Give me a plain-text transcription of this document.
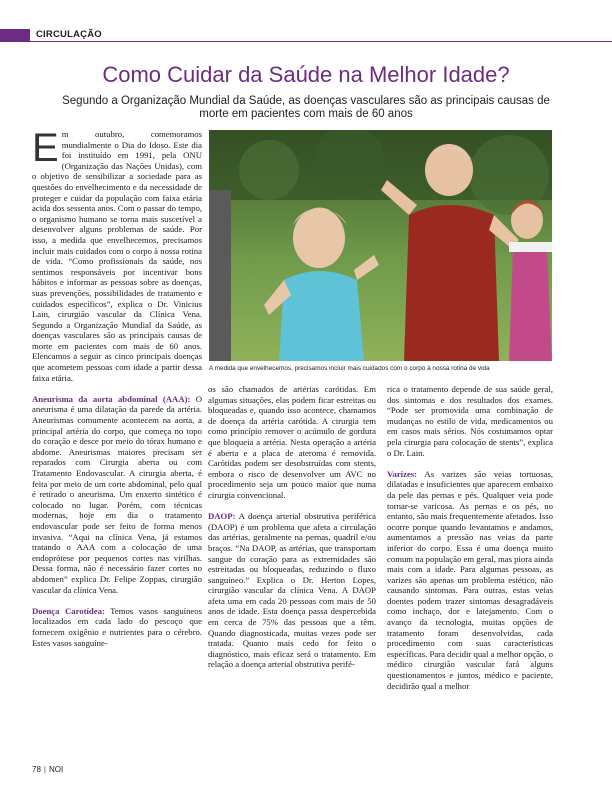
CIRCULAÇÃO
Como Cuidar da Saúde na Melhor Idade?
Segundo a Organização Mundial da Saúde, as doenças vasculares são as principais causas de morte em pacientes com mais de 60 anos

Em outubro, comemoramos mundialmente o Dia do Idoso. Este dia foi instituído em 1991, pela ONU (Organização das Nações Unidas), com o objetivo de sensibilizar a sociedade para as questões do envelhecimento e da necessidade de proteger e cuidar da população com faixa etária acida dos sessenta anos. Com o passar do tempo, o organismo humano se torna mais suscetível a desenvolver alguns problemas de saúde. Por isso, a medida que envelhecemos, precisamos incluir mais cuidados com o corpo à nossa rotina de vida. “Como profissionais da saúde, nos sentimos responsáveis por incentivar bons hábitos e informar as pessoas sobre as doenças, suas prevenções, possibilidades de tratamento e cuidados específicos”, explica o Dr. Vinicius Lain, cirurgião vascular da Clínica Vena. Segundo a Organização Mundial da Saúde, as doenças vasculares são as principais causas de morte em pacientes com mais de 60 anos. Elencamos a seguir as cinco principais doenças que acometem pessoas com idade a partir dessa faixa etária.

Aneurisma da aorta abdominal (AAA): O aneurisma é uma dilatação da parede da artéria. Aneurismas comumente acontecem na aorta, a principal artéria do corpo, que começa no topo do coração e desce por meio do tórax humano e abdome. Aneurismas maiores precisam ser reparados com Cirurgia aberta ou com Tratamento Endovascular. A cirurgia aberta, é feita por meio de um corte abdominal, pelo qual é retirado o aneurisma. Um enxerto sintético é colocado no lugar. Porém, com técnicas modernas, hoje em dia o tratamento endovascular pode ser feito de forma menos invasiva. “Aqui na clínica Vena, já estamos tratando o AAA com a colocação de uma endoprótese por pequenos cortes nas virilhas. Dessa forma, não é necessário fazer cortes no abdomen” explica Dr. Felipe Zoppas, cirurgião vascular da clínica Vena.

Doença Carotídea: Temos vasos sanguíneos localizados em cada lado do pescoço que fornecem oxigênio e nutrientes para o cérebro. Estes vasos sanguíne-

A medida que envelhecemos, precisamos incluir mais cuidados com o corpo à nossa rotina de vida

os são chamados de artérias carótidas. Em algumas situações, elas podem ficar estreitas ou bloqueadas e, quando isso acontece, chamamos de doença da artéria carótida. A cirurgia tem como princípio remover o acúmulo de gordura que bloqueia a artéria. Nesta operação a artéria é aberta e a placa de ateroma é removida. Carótidas podem ser desobstruídas com stents, embora o risco de desenvolver um AVC no procedimento seja um pouco maior que numa cirurgia convencional.

DAOP: A doença arterial obstrutiva periférica (DAOP) é um problema que afeta a circulação das artérias, geralmente na pernas, quadril e/ou braços. “Na DAOP, as artérias, que transportam sangue do coração para as extremidades são estreitadas ou bloqueadas, reduzindo o fluxo sanguíneo.” Explica o Dr. Herton Lopes, cirurgião vascular da clínica Vena. A DAOP afeta uma em cada 20 pessoas com mais de 50 anos de idade. Esta doença passa despercebida em cerca de 75% das pessoas que a têm. Quando diagnosticada, muitas vezes pode ser tratada. Quanto mais cedo for feito o diagnóstico, mais eficaz será o tratamento. Em relação a doença arterial obstrutiva perifé-

rica o tratamento depende de sua saúde geral, dos sintomas e dos resultados dos exames. “Pode ser promovida uma combinação de mudanças no estilo de vida, medicamentos ou em casos mais sérios. Nós costumamos optar pela cirurgia para colocação de stents”, explica o Dr. Lain.

Varizes: As varizes são veias tortuosas, dilatadas e insuficientes que aparecem embaixo da pele das pernas e pés. Qualquer veia pode tornar-se varicosa. As pernas e os pés, no entanto, são mais frequentemente afetados. Isso ocorre porque quando levantamos e andamos, aumentamos a pressão nas veias da parte inferior do corpo. Essa é uma doença muito comum na população em geral, mas piora ainda mais com a idade. Para algumas pessoas, as varizes são apenas um problema estético, não causando sintomas. Para outras, estas veias doentes podem trazer sintomas desagradáveis como inchaço, dor e latejamento. Com o avanço da tecnologia, muitas opções de tratamento foram desenvolvidas, cada procedimento com suas características específicas. Para decidir qual a melhor opção, o médico cirurgião vascular fará alguns questionamentos e juntos, médico e paciente, decidirão qual a melhor

78 | NOI
